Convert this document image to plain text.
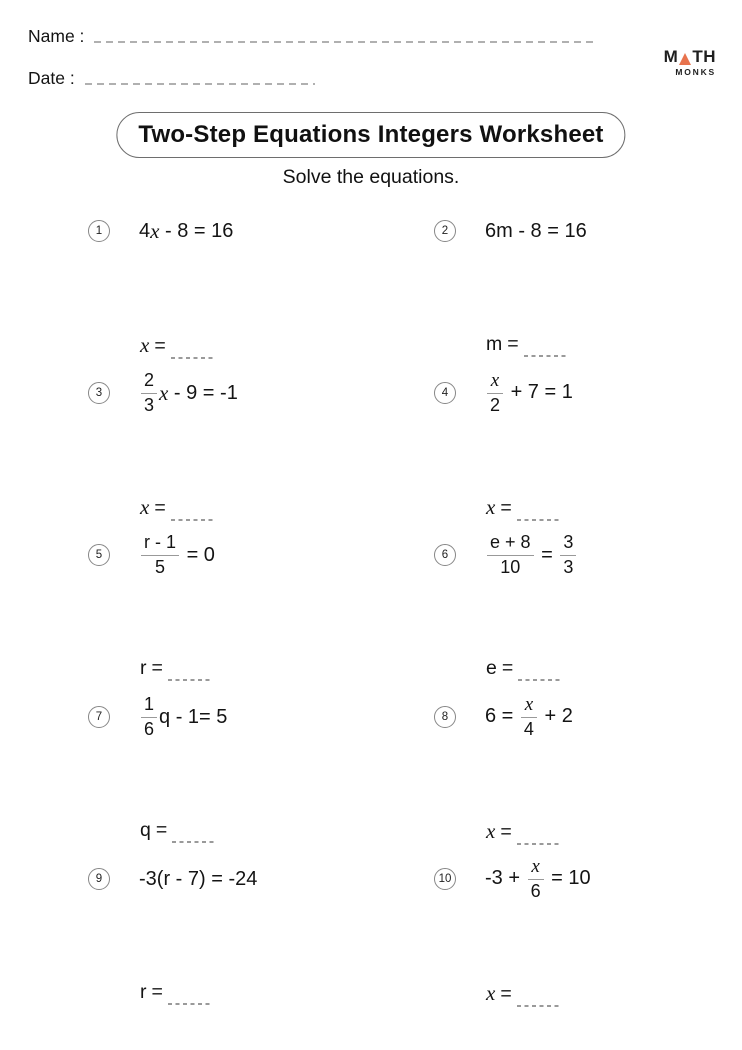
Name :
Date :
M TH
MONKS
Two-Step Equations Integers Worksheet
Solve the equations.
1	4 x - 8 = 16
x =
2	6m - 8 = 16
m =
3	$\frac{2}{3}$ x - 9 = -1
x =
4	$\frac{x}{2} + 7 = 1$
x =
5	$\frac{r - 1}{5} = 0$
r =
6	$\frac{e + 8}{10} = \frac{3}{3}$
e =
7	$\frac{1}{6}$ q - 1= 5
q =
8	$6 = \frac{x}{4} + 2$
x =
9	-3(r - 7) = -24
r =
10 $-3 + \frac{x}{6} = 10$
x =
